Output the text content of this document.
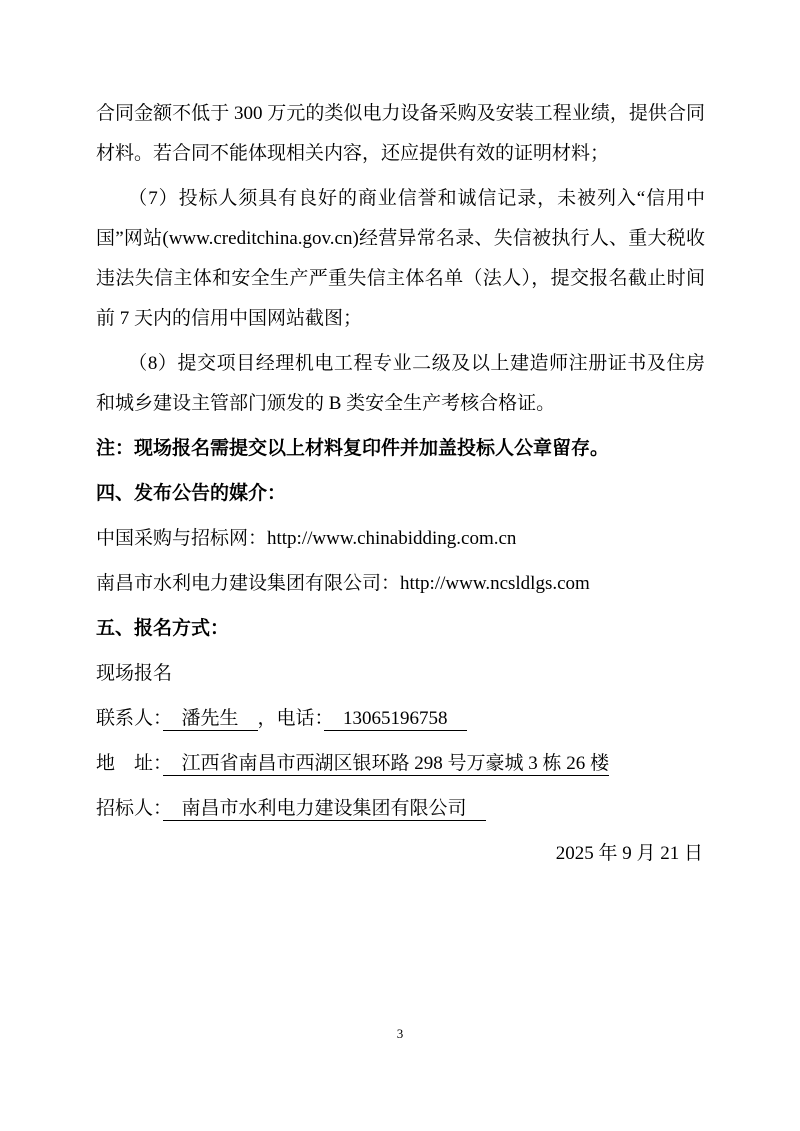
合同金额不低于 300 万元的类似电力设备采购及安装工程业绩，提供合同材料。若合同不能体现相关内容，还应提供有效的证明材料；

（7）投标人须具有良好的商业信誉和诚信记录，未被列入“信用中国”网站(www.creditchina.gov.cn)经营异常名录、失信被执行人、重大税收违法失信主体和安全生产严重失信主体名单（法人），提交报名截止时间前 7 天内的信用中国网站截图；

（8）提交项目经理机电工程专业二级及以上建造师注册证书及住房和城乡建设主管部门颁发的 B 类安全生产考核合格证。

注：现场报名需提交以上材料复印件并加盖投标人公章留存。

四、发布公告的媒介：

中国采购与招标网：http://www.chinabidding.com.cn

南昌市水利电力建设集团有限公司：http://www.ncsldlgs.com

五、报名方式：

现场报名

联系人：　潘先生　，电话：　13065196758　

地　址：　江西省南昌市西湖区银环路 298 号万豪城 3 栋 26 楼

招标人：　南昌市水利电力建设集团有限公司　

2025 年 9 月 21 日

3
